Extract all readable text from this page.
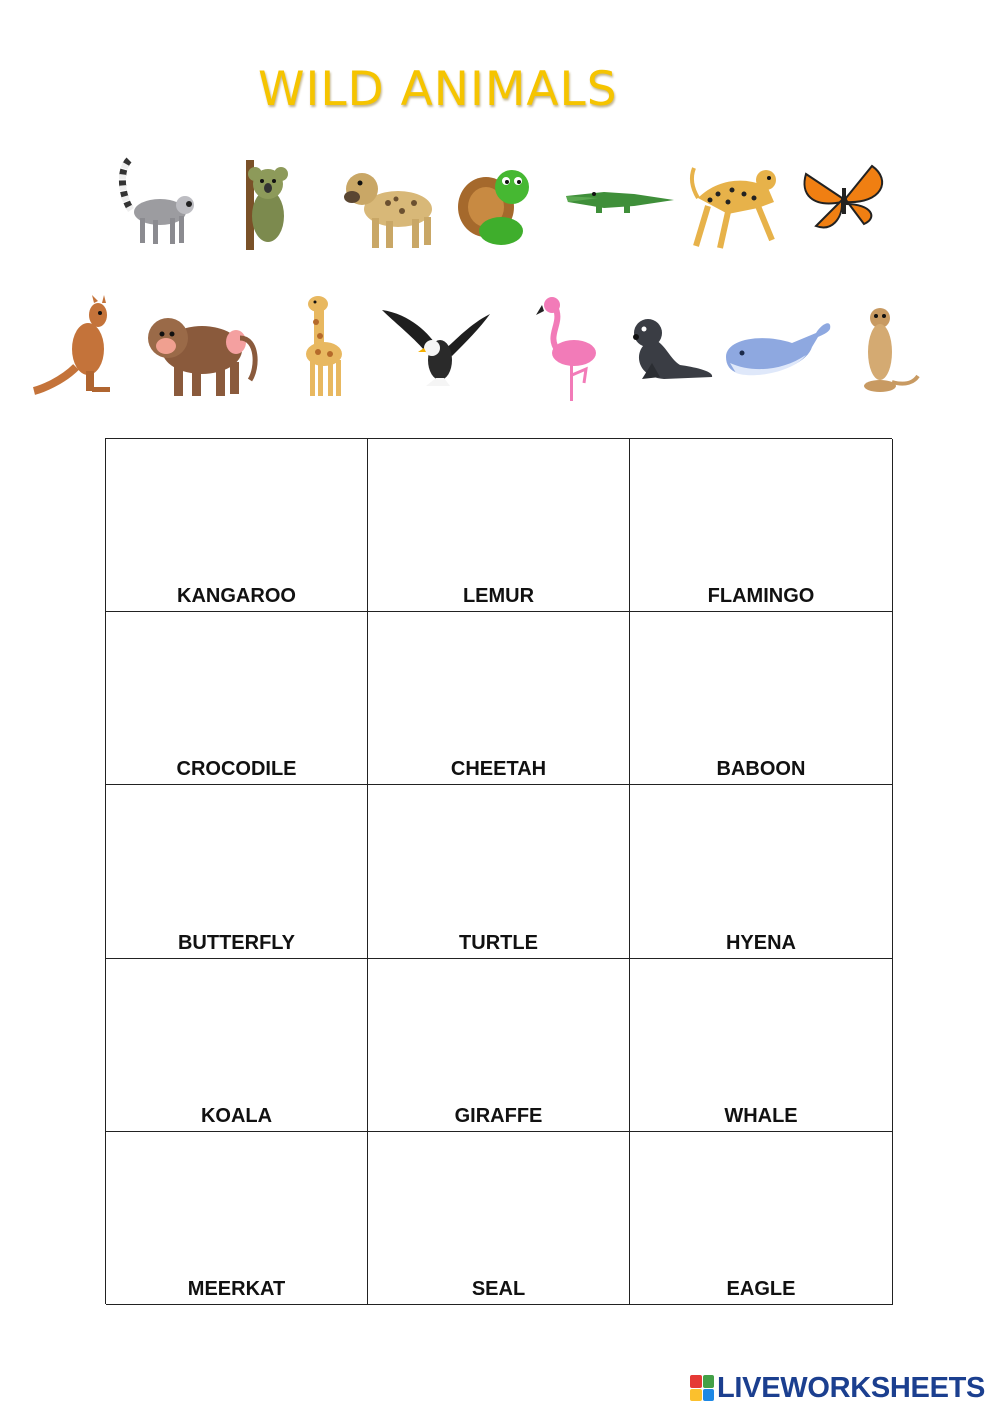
WILD ANIMALS
KANGAROO	LEMUR	FLAMINGO
CROCODILE	CHEETAH	BABOON
BUTTERFLY	TURTLE	HYENA
KOALA	GIRAFFE	WHALE
MEERKAT	SEAL	EAGLE
LIVEWORKSHEETS
